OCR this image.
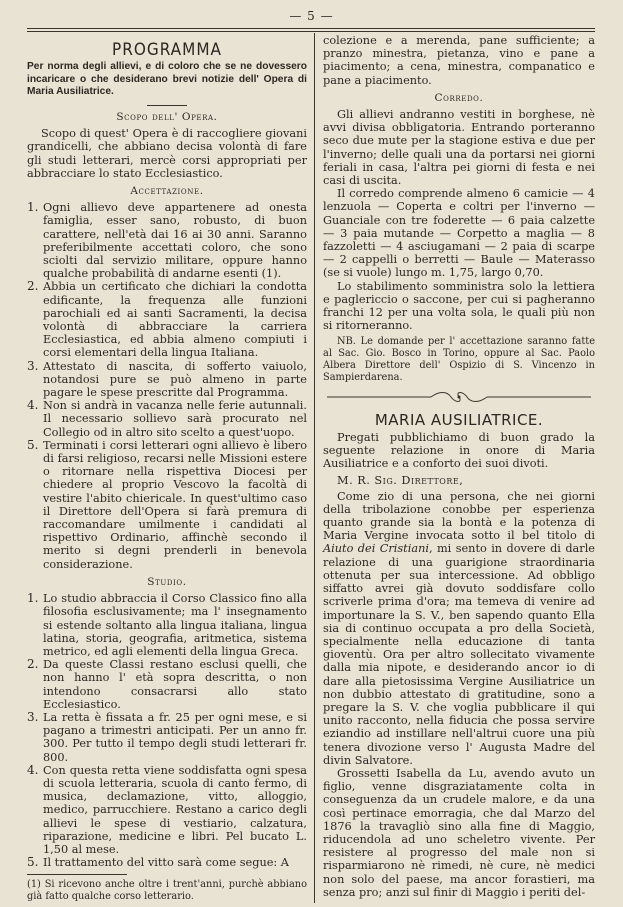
— 5 —
PROGRAMMA

Per norma degli allievi, e di coloro che se ne dovessero incaricare o che desiderano brevi notizie dell' Opera di Maria Ausiliatrice.

Scopo dell' Opera.

Scopo di quest' Opera è di raccogliere giovani grandicelli, che abbiano decisa volontà di fare gli studi letterari, mercè corsi appropriati per abbracciare lo stato Ecclesiastico.

Accettazione.
1. Ogni allievo deve appartenere ad onesta famiglia, esser sano, robusto, di buon carattere, nell'età dai 16 ai 30 anni. Saranno preferibilmente accettati coloro, che sono sciolti dal servizio militare, oppure hanno qualche probabilità di andarne esenti (1).
2. Abbia un certificato che dichiari la condotta edificante, la frequenza alle funzioni parochiali ed ai santi Sacramenti, la decisa volontà di abbracciare la carriera Ecclesiastica, ed abbia almeno compiuti i corsi elementari della lingua Italiana.
3. Attestato di nascita, di sofferto vaiuolo, notandosi pure se può almeno in parte pagare le spese prescritte dal Programma.
4. Non si andrà in vacanza nelle ferie autunnali. Il necessario sollievo sarà procurato nel Collegio od in altro sito scelto a quest'uopo.
5. Terminati i corsi letterari ogni allievo è libero di farsi religioso, recarsi nelle Missioni estere o ritornare nella rispettiva Diocesi per chiedere al proprio Vescovo la facoltà di vestire l'abito chiericale. In quest'ultimo caso il Direttore dell'Opera si farà premura di raccomandare umilmente i candidati al rispettivo Ordinario, affinchè secondo il merito si degni prenderli in benevola considerazione.
Studio.
1. Lo studio abbraccia il Corso Classico fino alla filosofia esclusivamente; ma l' insegnamento si estende soltanto alla lingua italiana, lingua latina, storia, geografia, aritmetica, sistema metrico, ed agli elementi della lingua Greca.
2. Da queste Classi restano esclusi quelli, che non hanno l' età sopra descritta, o non intendono consacrarsi allo stato Ecclesiastico.
3. La retta è fissata a fr. 25 per ogni mese, e si pagano a trimestri anticipati. Per un anno fr. 300. Per tutto il tempo degli studi letterari fr. 800.
4. Con questa retta viene soddisfatta ogni spesa di scuola letteraria, scuola di canto fermo, di musica, declamazione, vitto, alloggio, medico, parrucchiere. Restano a carico degli allievi le spese di vestiario, calzatura, riparazione, medicine e libri. Pel bucato L. 1,50 al mese.
5. Il trattamento del vitto sarà come segue: A

(1) Si ricevono anche oltre i trent'anni, purchè abbiano già fatto qualche corso letterario.

colezione e a merenda, pane sufficiente; a pranzo minestra, pietanza, vino e pane a piacimento; a cena, minestra, companatico e pane a piacimento.

Corredo.

Gli allievi andranno vestiti in borghese, nè avvi divisa obbligatoria. Entrando porteranno seco due mute per la stagione estiva e due per l'inverno; delle quali una da portarsi nei giorni feriali in casa, l'altra pei giorni di festa e nei casi di uscita.

Il corredo comprende almeno 6 camicie — 4 lenzuola — Coperta e coltri per l'inverno — Guanciale con tre foderette — 6 paia calzette — 3 paia mutande — Corpetto a maglia — 8 fazzoletti — 4 asciugamani — 2 paia di scarpe — 2 cappelli o berretti — Baule — Materasso (se si vuole) lungo m. 1,75, largo 0,70.

Lo stabilimento somministra solo la lettiera e paglericcio o saccone, per cui si pagheranno franchi 12 per una volta sola, le quali più non si ritorneranno.

NB. Le domande per l' accettazione saranno fatte al Sac. Gio. Bosco in Torino, oppure al Sac. Paolo Albera Direttore dell' Ospizio di S. Vincenzo in Sampierdarena.

MARIA AUSILIATRICE.

Pregati pubblichiamo di buon grado la seguente relazione in onore di Maria Ausiliatrice e a conforto dei suoi divoti.

M. R. Sig. Direttore,

Come zio di una persona, che nei giorni della tribolazione conobbe per esperienza quanto grande sia la bontà e la potenza di Maria Vergine invocata sotto il bel titolo di Aiuto dei Cristiani, mi sento in dovere di darle relazione di una guarigione straordinaria ottenuta per sua intercessione. Ad obbligo siffatto avrei già dovuto soddisfare collo scriverle prima d'ora; ma temeva di venire ad importunare la S. V., ben sapendo quanto Ella sia di continuo occupata a pro della Società, specialmente nella educazione di tanta gioventù. Ora per altro sollecitato vivamente dalla mia nipote, e desiderando ancor io di dare alla pietosissima Vergine Ausiliatrice un non dubbio attestato di gratitudine, sono a pregare la S. V. che voglia pubblicare il qui unito racconto, nella fiducia che possa servire eziandio ad instillare nell'altrui cuore una più tenera divozione verso l' Augusta Madre del divin Salvatore.

Grossetti Isabella da Lu, avendo avuto un figlio, venne disgraziatamente colta in conseguenza da un crudele malore, e da una così pertinace emorragia, che dal Marzo del 1876 la travagliò sino alla fine di Maggio, riducendola ad uno scheletro vivente. Per resistere al progresso del male non si risparmiarono nè rimedi, nè cure, nè medici non solo del paese, ma ancor forastieri, ma senza pro; anzi sul finir di Maggio i periti del-
